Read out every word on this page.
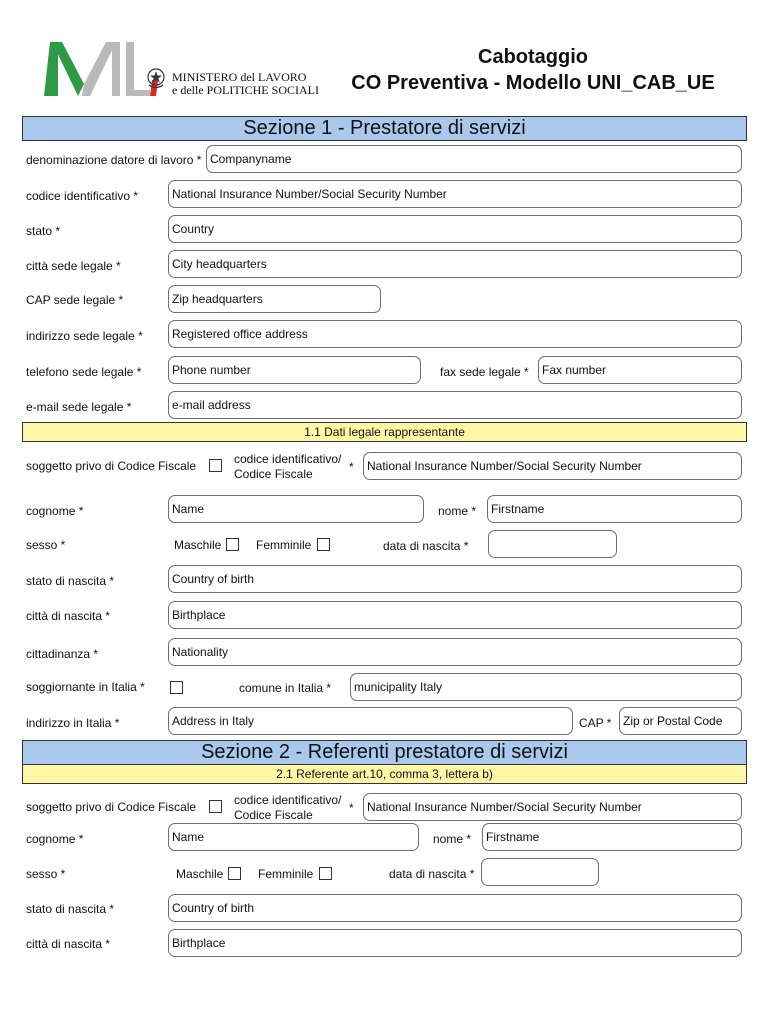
MINISTERO del LAVORO
e delle POLITICHE SOCIALI
Cabotaggio
CO Preventiva - Modello UNI_CAB_UE
Sezione 1 - Prestatore di servizi
denominazione datore di lavoro *
Companyname
codice identificativo *
National Insurance Number/Social Security Number
stato *
Country
città sede legale *
City headquarters
CAP sede legale *
Zip headquarters
indirizzo sede legale *
Registered office address
telefono sede legale *
Phone number	fax sede legale *
Fax number
e-mail sede legale *
e-mail address
1.1 Dati legale rappresentante
soggetto privo di Codice Fiscale	codice identificativo/
Codice Fiscale	*
National Insurance Number/Social Security Number
cognome *
Name	nome *
Firstname
sesso *	Maschile	Femminile	data di nascita *
stato di nascita *
Country of birth
città di nascita *
Birthplace
cittadinanza *
Nationality
soggiornante in Italia *	comune in Italia *
municipality Italy
indirizzo in Italia *
Address in Italy	CAP *
Zip or Postal Code
Sezione 2 - Referenti prestatore di servizi
2.1 Referente art.10, comma 3, lettera b)
soggetto privo di Codice Fiscale	codice identificativo/
Codice Fiscale	*
National Insurance Number/Social Security Number
cognome *
Name	nome *
Firstname
sesso *	Maschile	Femminile	data di nascita *
stato di nascita *
Country of birth
città di nascita *
Birthplace
